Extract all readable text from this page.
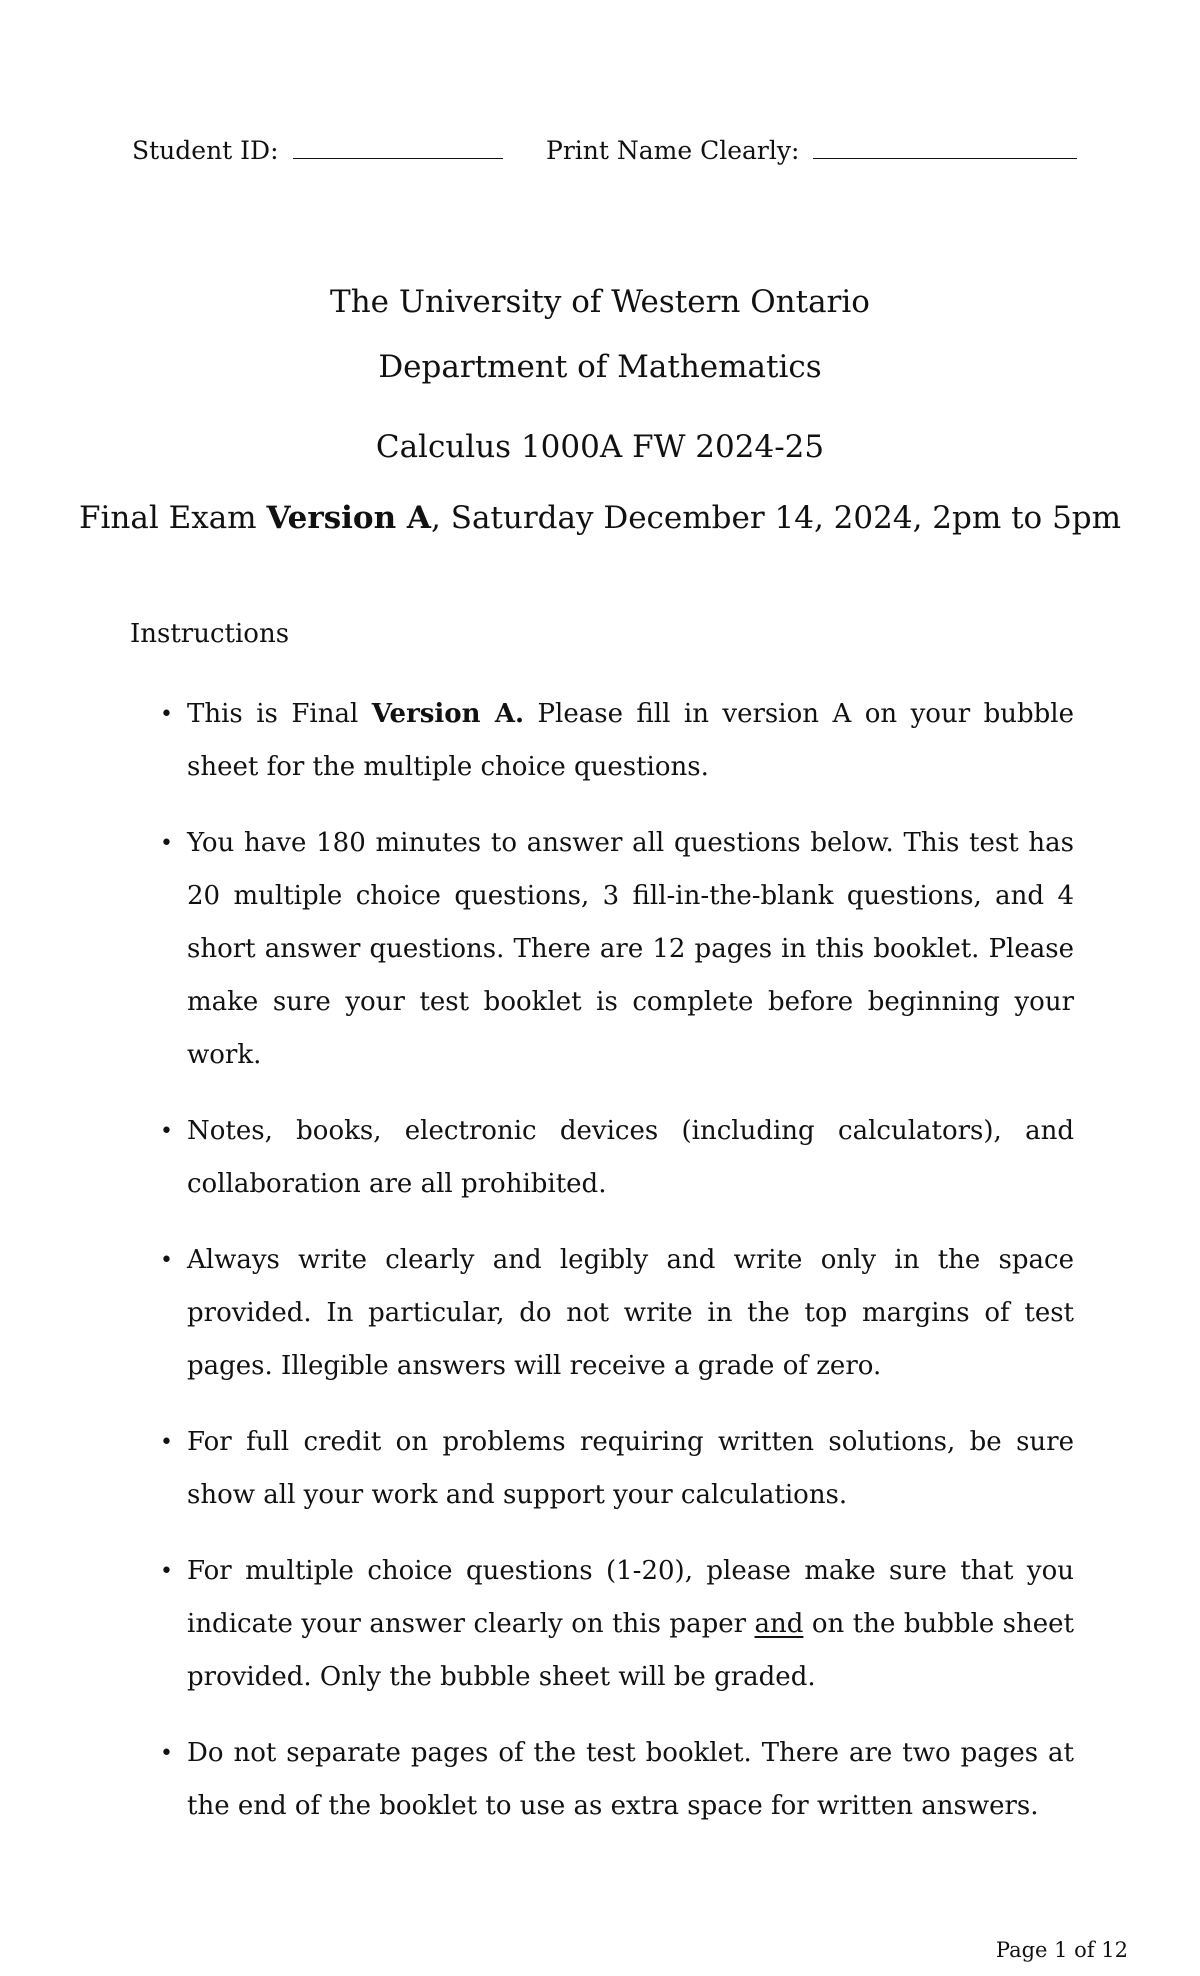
Student ID:	Print Name Clearly:
The University of Western Ontario
Department of Mathematics
Calculus 1000A FW 2024-25
Final Exam Version A, Saturday December 14, 2024, 2pm to 5pm
Instructions
• This is Final Version A. Please fill in version A on your bubble sheet for the multiple choice questions.
• You have 180 minutes to answer all questions below. This test has 20 multiple choice questions, 3 fill-in-the-blank questions, and 4 short answer questions. There are 12 pages in this booklet. Please make sure your test booklet is complete before beginning your work.
• Notes, books, electronic devices (including calculators), and collaboration are all prohibited.
• Always write clearly and legibly and write only in the space provided. In particular, do not write in the top margins of test pages. Illegible answers will receive a grade of zero.
• For full credit on problems requiring written solutions, be sure show all your work and support your calculations.
• For multiple choice questions (1-20), please make sure that you indicate your answer clearly on this paper and on the bubble sheet provided. Only the bubble sheet will be graded.
• Do not separate pages of the test booklet. There are two pages at the end of the booklet to use as extra space for written answers.
Page 1 of 12
